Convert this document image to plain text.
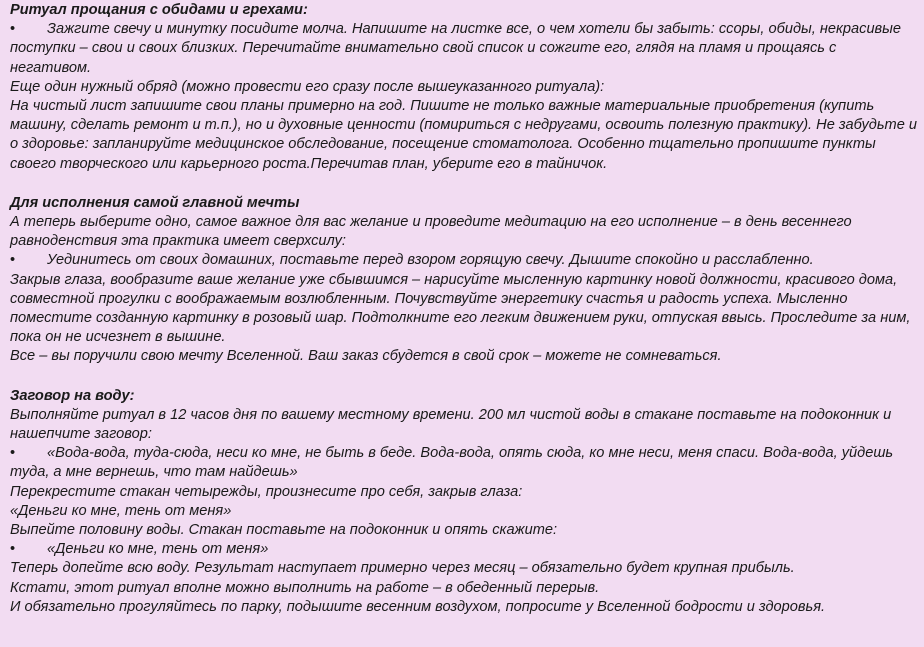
Ритуал прощания с обидами и грехами:

•Зажгите свечу и минутку посидите молча. Напишите на листке все, о чем хотели бы забыть: ссоры, обиды, некрасивые поступки – свои и своих близких. Перечитайте внимательно свой список и сожгите его, глядя на пламя и прощаясь с негативом.

Еще один нужный обряд (можно провести его сразу после вышеуказанного ритуала):

На чистый лист запишите свои планы примерно на год. Пишите не только важные материальные приобретения (купить машину, сделать ремонт и т.п.), но и духовные ценности (помириться с недругами, освоить полезную практику). Не забудьте и о здоровье: запланируйте медицинское обследование, посещение стоматолога. Особенно тщательно пропишите пункты своего творческого или карьерного роста.Перечитав план, уберите его в тайничок.

Для исполнения самой главной мечты

А теперь выберите одно, самое важное для вас желание и проведите медитацию на его исполнение – в день весеннего равноденствия эта практика имеет сверхсилу:

•Уединитесь от своих домашних, поставьте перед взором горящую свечу. Дышите спокойно и расслабленно.

Закрыв глаза, вообразите ваше желание уже сбывшимся – нарисуйте мысленную картинку новой должности, красивого дома, совместной прогулки с воображаемым возлюбленным. Почувствуйте энергетику счастья и радость успеха. Мысленно поместите созданную картинку в розовый шар. Подтолкните его легким движением руки, отпуская ввысь. Проследите за ним, пока он не исчезнет в вышине.

Все – вы поручили свою мечту Вселенной. Ваш заказ сбудется в свой срок – можете не сомневаться.

Заговор на воду:

Выполняйте ритуал в 12 часов дня по вашему местному времени. 200 мл чистой воды в стакане поставьте на подоконник и нашепчите заговор:

•«Вода-вода, туда-сюда, неси ко мне, не быть в беде. Вода-вода, опять сюда, ко мне неси, меня спаси. Вода-вода, уйдешь туда, а мне вернешь, что там найдешь»

Перекрестите стакан четырежды, произнесите про себя, закрыв глаза:

«Деньги ко мне, тень от меня»

Выпейте половину воды. Стакан поставьте на подоконник и опять скажите:

•«Деньги ко мне, тень от меня»

Теперь допейте всю воду. Результат наступает примерно через месяц – обязательно будет крупная прибыль.

Кстати, этот ритуал вполне можно выполнить на работе – в обеденный перерыв.

И обязательно прогуляйтесь по парку, подышите весенним воздухом, попросите у Вселенной бодрости и здоровья.
